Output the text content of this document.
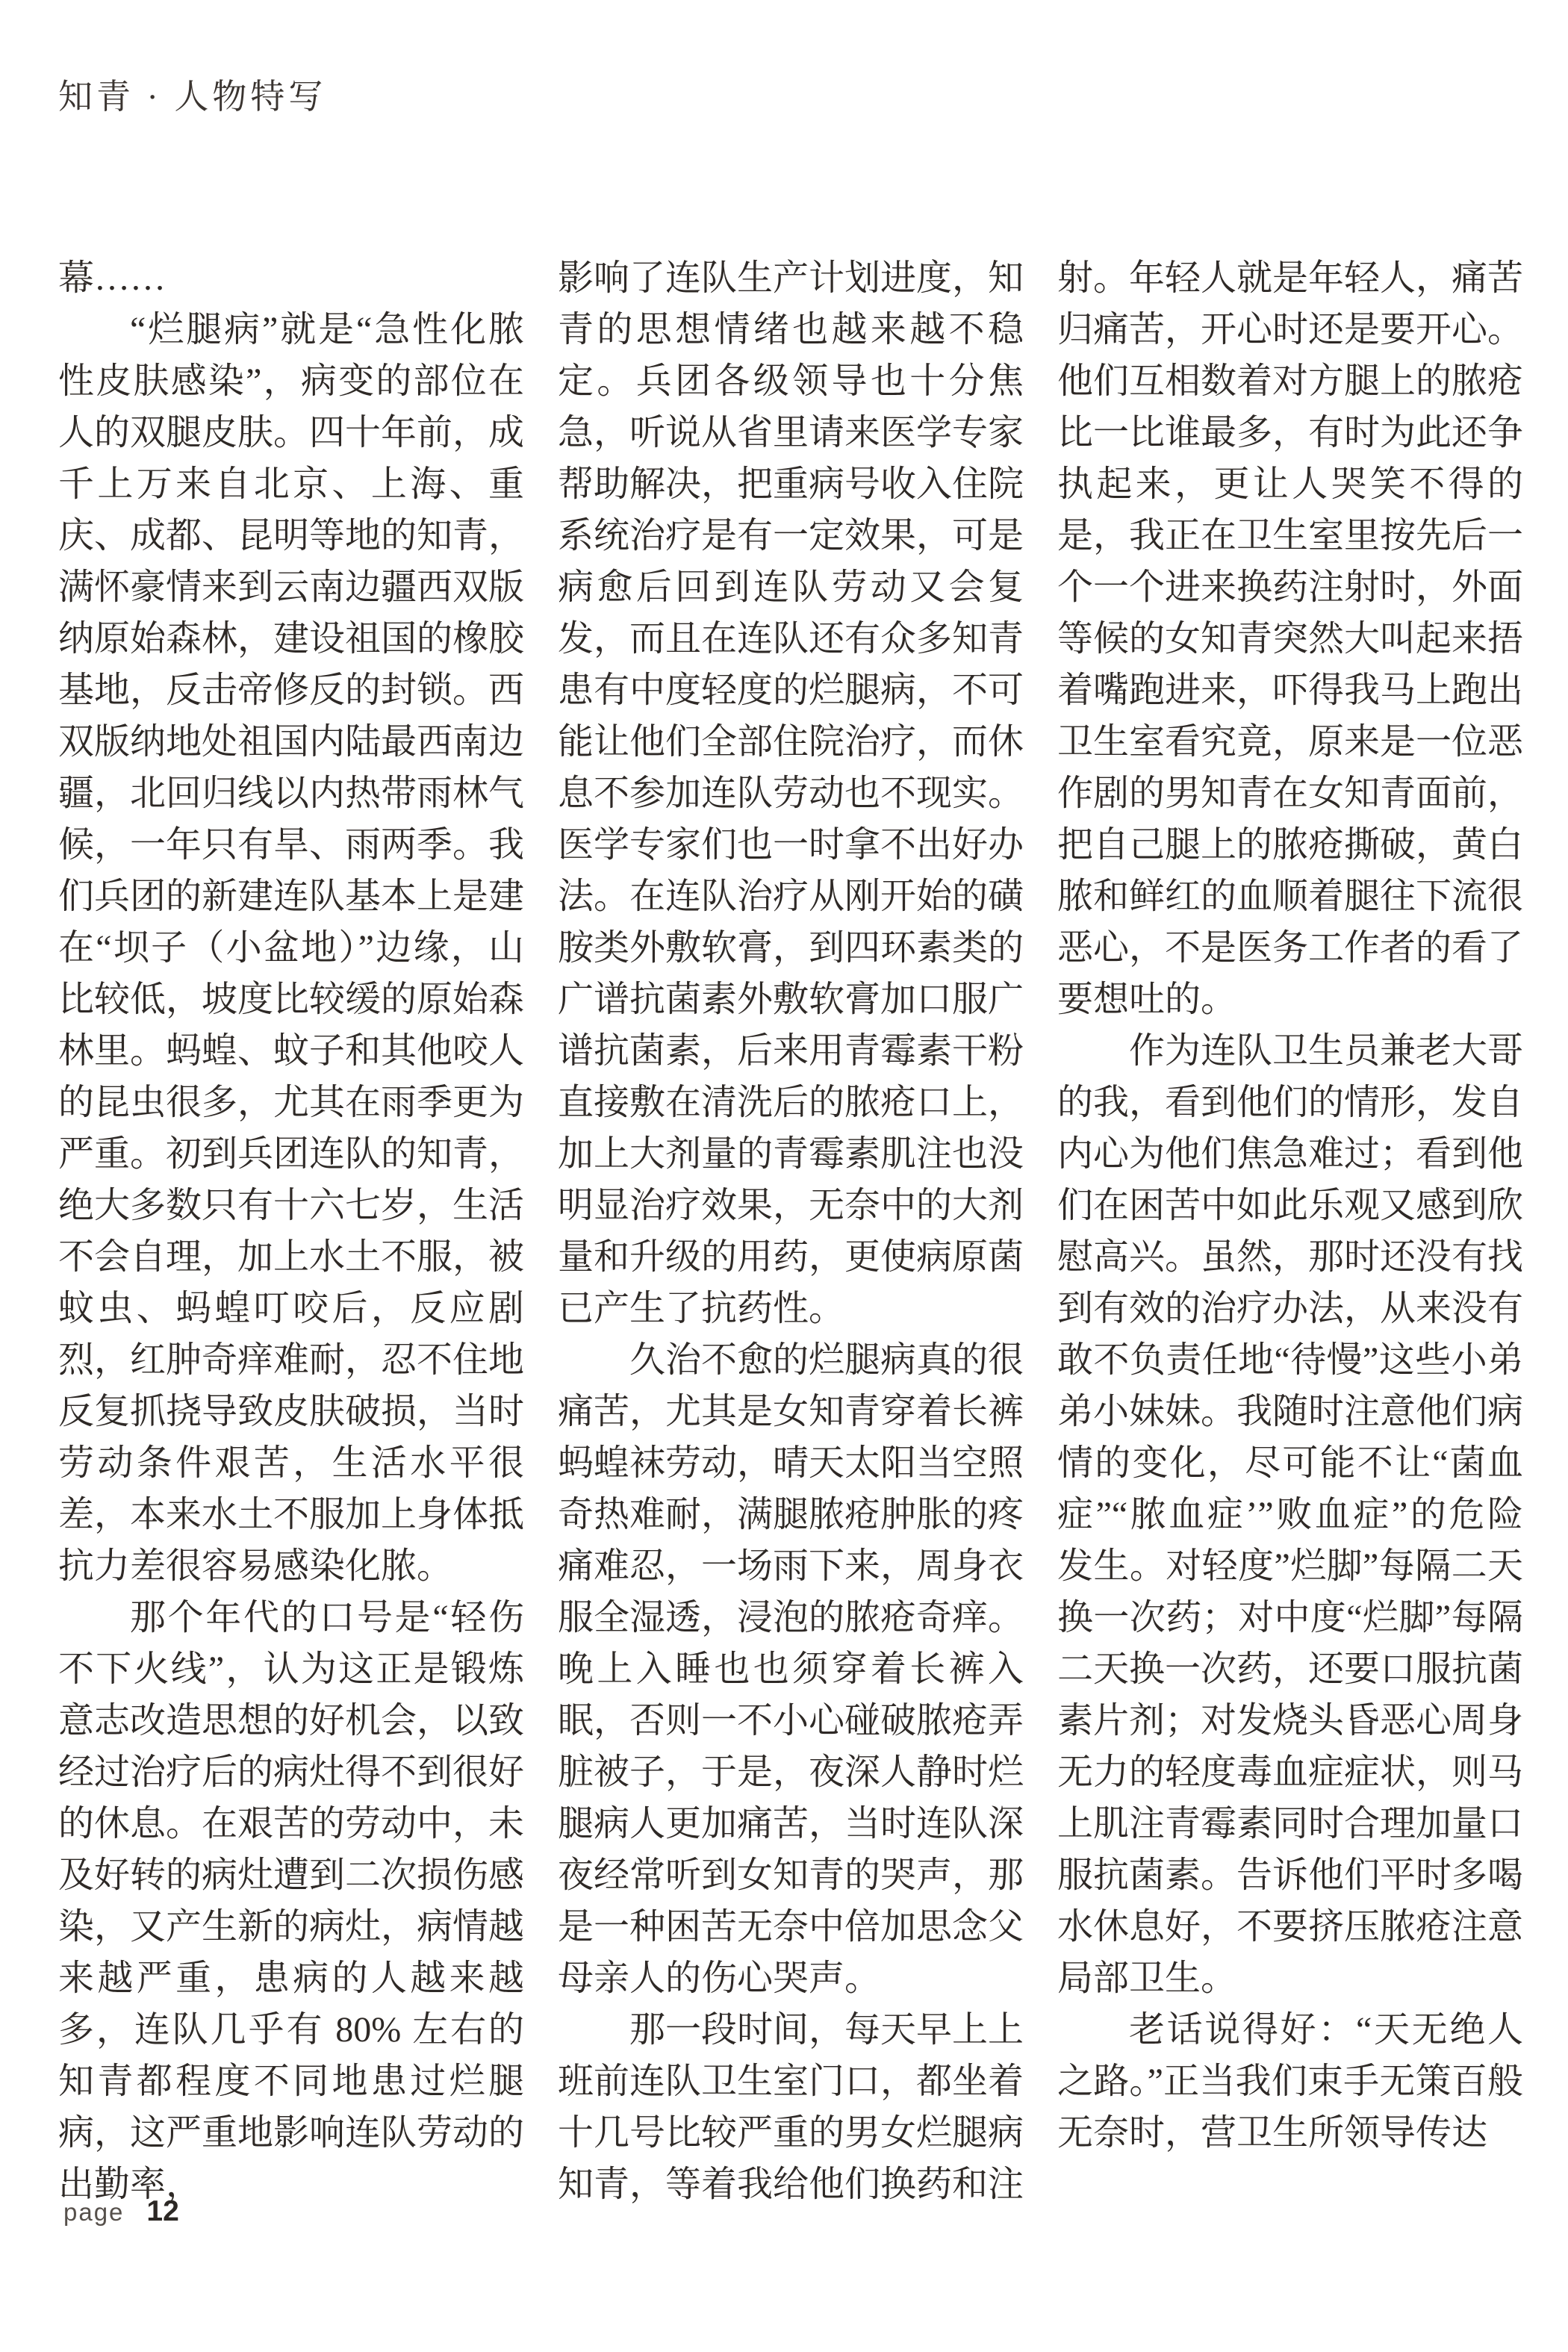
知青 · 人物特写

幕……

“烂腿病”就是“急性化脓性皮肤感染”，病变的部位在人的双腿皮肤。四十年前，成千上万来自北京、上海、重庆、成都、昆明等地的知青，满怀豪情来到云南边疆西双版纳原始森林，建设祖国的橡胶基地，反击帝修反的封锁。西双版纳地处祖国内陆最西南边疆，北回归线以内热带雨林气候，一年只有旱、雨两季。我们兵团的新建连队基本上是建在“坝子（小盆地）”边缘，山比较低，坡度比较缓的原始森林里。蚂蝗、蚊子和其他咬人的昆虫很多，尤其在雨季更为严重。初到兵团连队的知青，绝大多数只有十六七岁，生活不会自理，加上水土不服，被蚊虫、蚂蝗叮咬后，反应剧烈，红肿奇痒难耐，忍不住地反复抓挠导致皮肤破损，当时劳动条件艰苦，生活水平很差，本来水土不服加上身体抵抗力差很容易感染化脓。

那个年代的口号是“轻伤不下火线”，认为这正是锻炼意志改造思想的好机会，以致经过治疗后的病灶得不到很好的休息。在艰苦的劳动中，未及好转的病灶遭到二次损伤感染，又产生新的病灶，病情越来越严重，患病的人越来越多，连队几乎有 80% 左右的知青都程度不同地患过烂腿病，这严重地影响连队劳动的出勤率，

影响了连队生产计划进度，知青的思想情绪也越来越不稳定。兵团各级领导也十分焦急，听说从省里请来医学专家帮助解决，把重病号收入住院系统治疗是有一定效果，可是病愈后回到连队劳动又会复发，而且在连队还有众多知青患有中度轻度的烂腿病，不可能让他们全部住院治疗，而休息不参加连队劳动也不现实。医学专家们也一时拿不出好办法。在连队治疗从刚开始的磺胺类外敷软膏，到四环素类的广谱抗菌素外敷软膏加口服广谱抗菌素，后来用青霉素干粉直接敷在清洗后的脓疮口上，加上大剂量的青霉素肌注也没明显治疗效果，无奈中的大剂量和升级的用药，更使病原菌已产生了抗药性。

久治不愈的烂腿病真的很痛苦，尤其是女知青穿着长裤蚂蝗袜劳动，晴天太阳当空照奇热难耐，满腿脓疮肿胀的疼痛难忍，一场雨下来，周身衣服全湿透，浸泡的脓疮奇痒。晚上入睡也也须穿着长裤入眠，否则一不小心碰破脓疮弄脏被子，于是，夜深人静时烂腿病人更加痛苦，当时连队深夜经常听到女知青的哭声，那是一种困苦无奈中倍加思念父母亲人的伤心哭声。

那一段时间，每天早上上班前连队卫生室门口，都坐着十几号比较严重的男女烂腿病知青，等着我给他们换药和注

射。年轻人就是年轻人，痛苦归痛苦，开心时还是要开心。他们互相数着对方腿上的脓疮比一比谁最多，有时为此还争执起来，更让人哭笑不得的是，我正在卫生室里按先后一个一个进来换药注射时，外面等候的女知青突然大叫起来捂着嘴跑进来，吓得我马上跑出卫生室看究竟，原来是一位恶作剧的男知青在女知青面前，把自己腿上的脓疮撕破，黄白脓和鲜红的血顺着腿往下流很恶心，不是医务工作者的看了要想吐的。

作为连队卫生员兼老大哥的我，看到他们的情形，发自内心为他们焦急难过；看到他们在困苦中如此乐观又感到欣慰高兴。虽然，那时还没有找到有效的治疗办法，从来没有敢不负责任地“待慢”这些小弟弟小妹妹。我随时注意他们病情的变化，尽可能不让“菌血症”“脓血症’”败血症”的危险发生。对轻度”烂脚”每隔二天换一次药；对中度“烂脚”每隔二天换一次药，还要口服抗菌素片剂；对发烧头昏恶心周身无力的轻度毒血症症状，则马上肌注青霉素同时合理加量口服抗菌素。告诉他们平时多喝水休息好，不要挤压脓疮注意局部卫生。

老话说得好：“天无绝人之路。”正当我们束手无策百般无奈时，营卫生所领导传达

page 12
